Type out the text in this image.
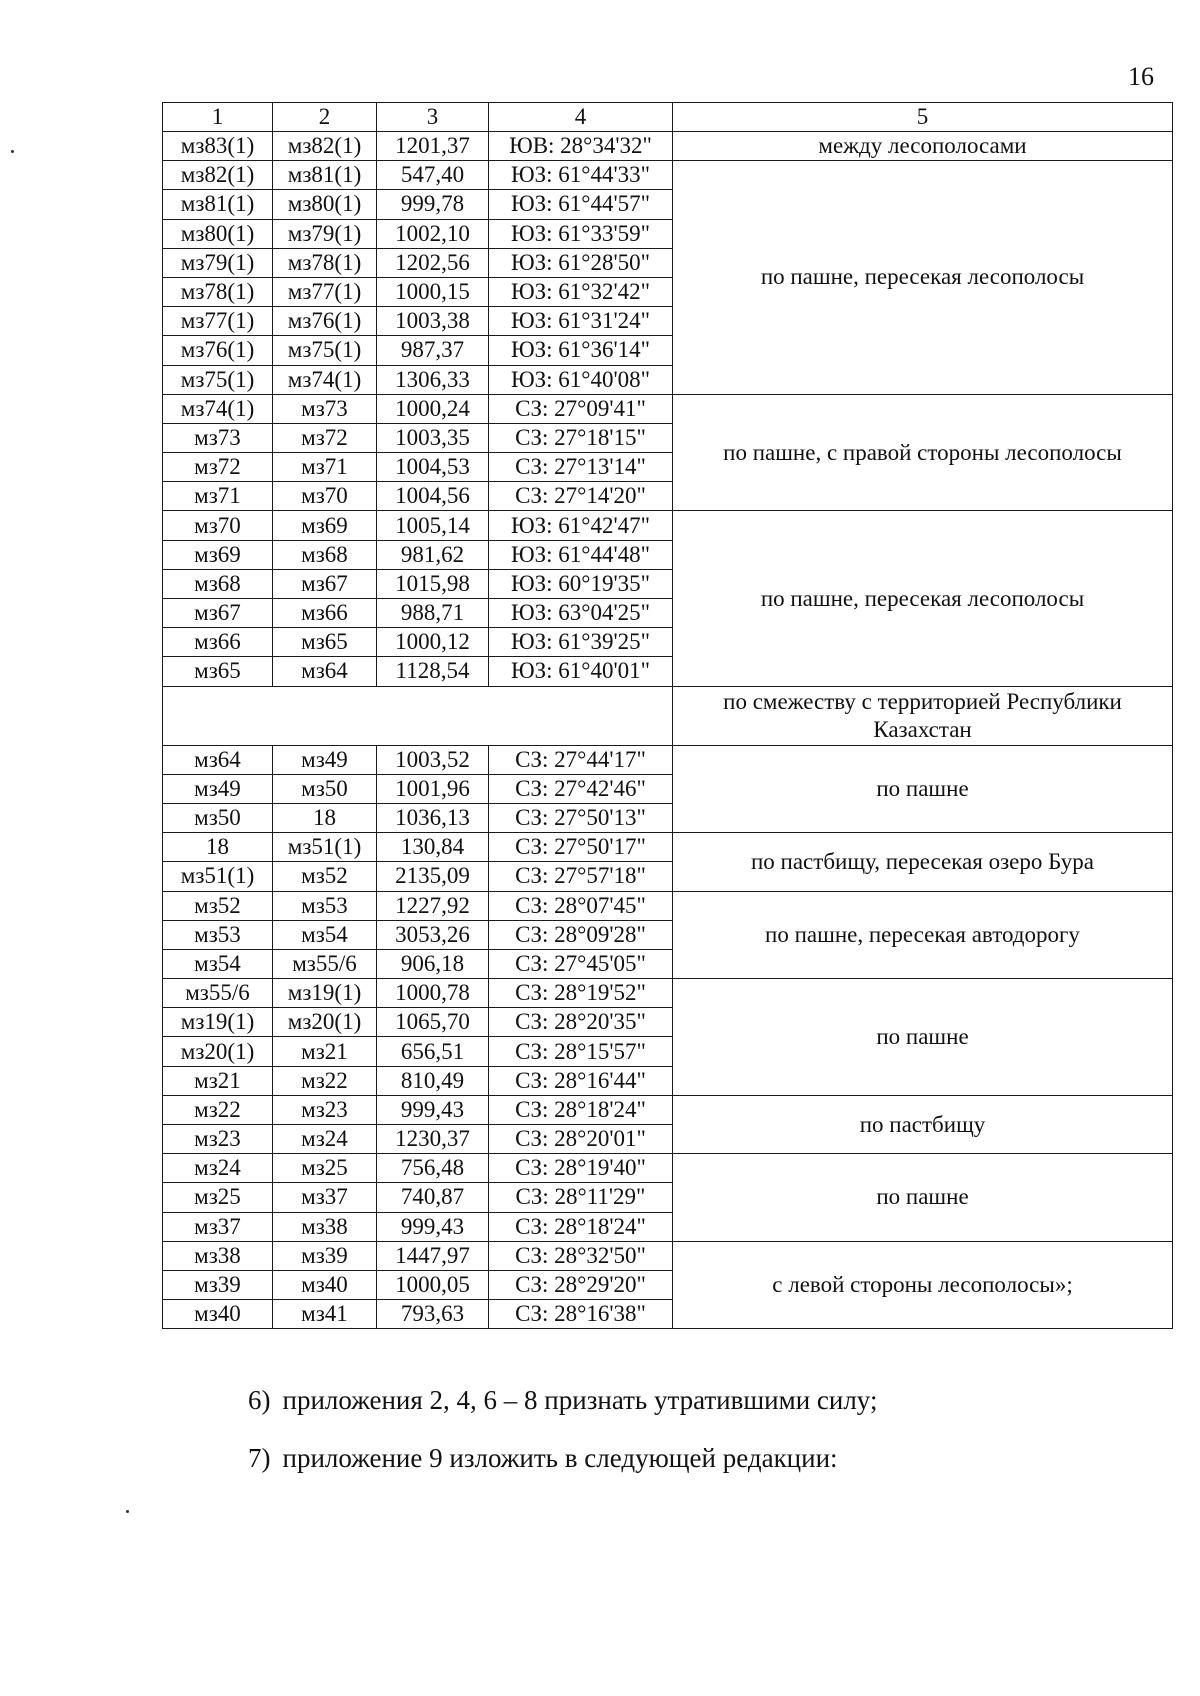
16
1	2	3	4	5
мз83(1)	мз82(1)	1201,37	ЮВ: 28°34'32"	между лесополосами
мз82(1)	мз81(1)	547,40	ЮЗ: 61°44'33"	по пашне, пересекая лесополосы
мз81(1)	мз80(1)	999,78	ЮЗ: 61°44'57"	
мз80(1)	мз79(1)	1002,10	ЮЗ: 61°33'59"	
мз79(1)	мз78(1)	1202,56	ЮЗ: 61°28'50"	
мз78(1)	мз77(1)	1000,15	ЮЗ: 61°32'42"	
мз77(1)	мз76(1)	1003,38	ЮЗ: 61°31'24"	
мз76(1)	мз75(1)	987,37	ЮЗ: 61°36'14"	
мз75(1)	мз74(1)	1306,33	ЮЗ: 61°40'08"	
мз74(1)	мз73	1000,24	СЗ: 27°09'41"	по пашне, с правой стороны лесополосы
мз73	мз72	1003,35	СЗ: 27°18'15"	
мз72	мз71	1004,53	СЗ: 27°13'14"	
мз71	мз70	1004,56	СЗ: 27°14'20"	
мз70	мз69	1005,14	ЮЗ: 61°42'47"	по пашне, пересекая лесополосы
мз69	мз68	981,62	ЮЗ: 61°44'48"	
мз68	мз67	1015,98	ЮЗ: 60°19'35"	
мз67	мз66	988,71	ЮЗ: 63°04'25"	
мз66	мз65	1000,12	ЮЗ: 61°39'25"	
мз65	мз64	1128,54	ЮЗ: 61°40'01"	
				по смежеству с территорией Республики Казахстан
мз64	мз49	1003,52	СЗ: 27°44'17"	по пашне
мз49	мз50	1001,96	СЗ: 27°42'46"	
мз50	18	1036,13	СЗ: 27°50'13"	
18	мз51(1)	130,84	СЗ: 27°50'17"	по пастбищу, пересекая озеро Бура
мз51(1)	мз52	2135,09	СЗ: 27°57'18"	
мз52	мз53	1227,92	СЗ: 28°07'45"	по пашне, пересекая автодорогу
мз53	мз54	3053,26	СЗ: 28°09'28"	
мз54	мз55/6	906,18	СЗ: 27°45'05"	
мз55/6	мз19(1)	1000,78	СЗ: 28°19'52"	по пашне
мз19(1)	мз20(1)	1065,70	СЗ: 28°20'35"	
мз20(1)	мз21	656,51	СЗ: 28°15'57"	
мз21	мз22	810,49	СЗ: 28°16'44"	
мз22	мз23	999,43	СЗ: 28°18'24"	по пастбищу
мз23	мз24	1230,37	СЗ: 28°20'01"	
мз24	мз25	756,48	СЗ: 28°19'40"	по пашне
мз25	мз37	740,87	СЗ: 28°11'29"	
мз37	мз38	999,43	СЗ: 28°18'24"	
мз38	мз39	1447,97	СЗ: 28°32'50"	с левой стороны лесополосы»;
мз39	мз40	1000,05	СЗ: 28°29'20"	
мз40	мз41	793,63	СЗ: 28°16'38"	
6) приложения 2, 4, 6 – 8 признать утратившими силу;
7) приложение 9 изложить в следующей редакции:
